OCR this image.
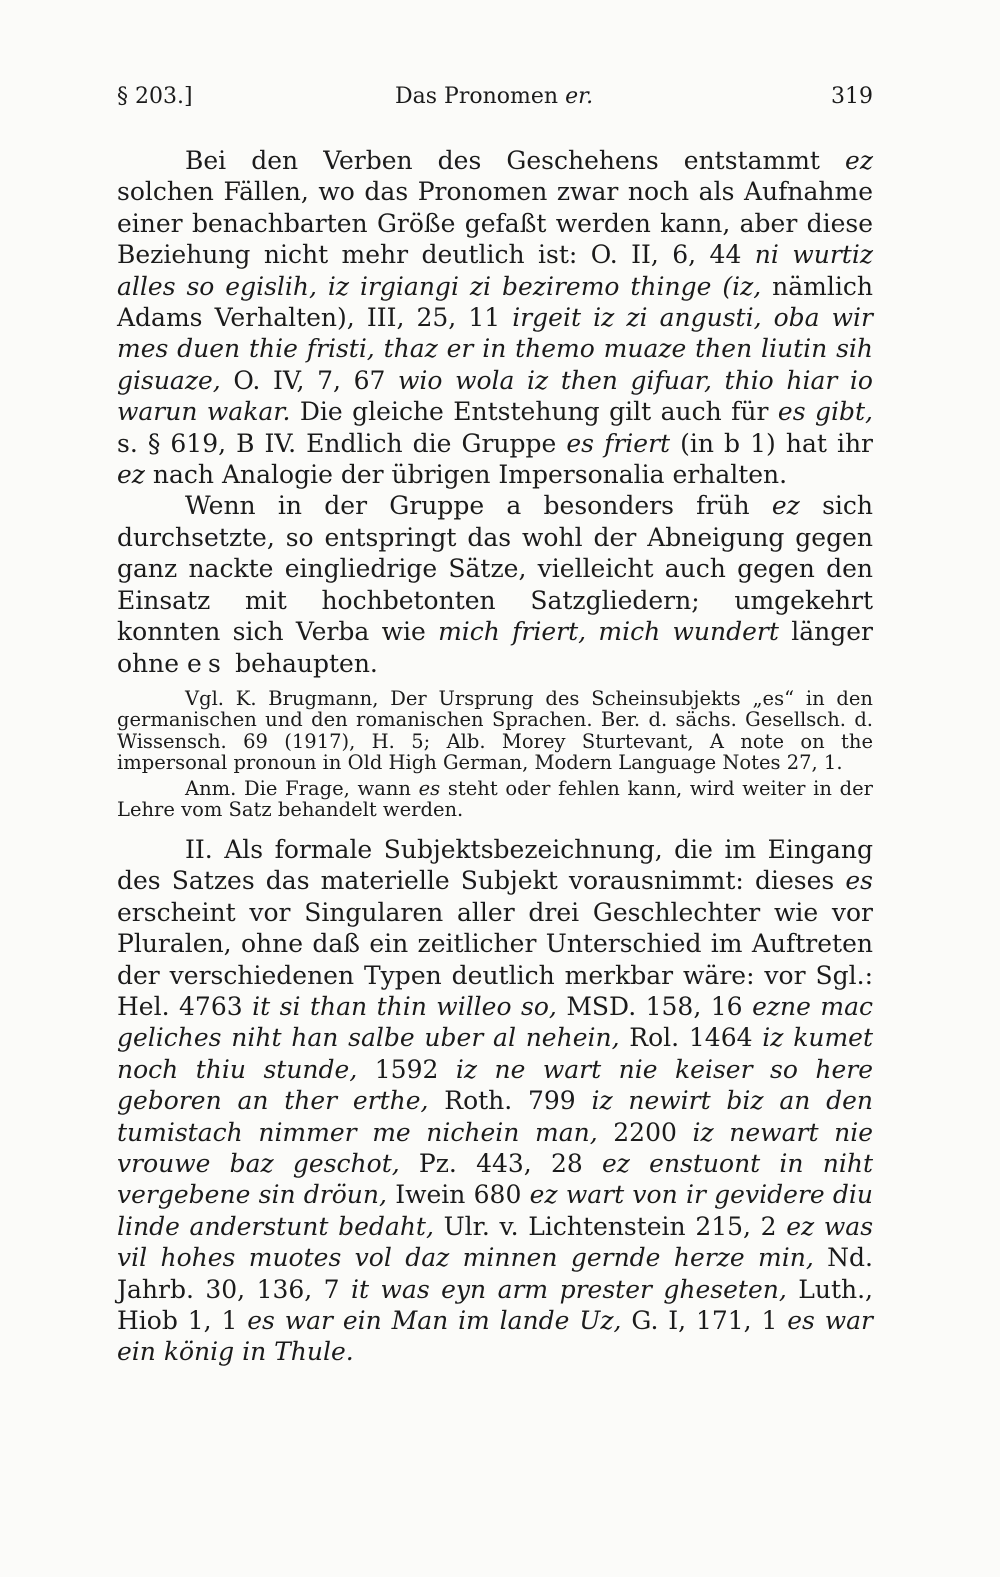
§ 203.]	Das Pronomen er.	319

Bei den Verben des Geschehens entstammt ez solchen Fällen, wo das Pronomen zwar noch als Aufnahme einer benachbarten Größe gefaßt werden kann, aber diese Beziehung nicht mehr deutlich ist: O. II, 6, 44 ni wurtiz alles so egislih, iz irgiangi zi beziremo thinge (iz, nämlich Adams Verhalten), III, 25, 11 irgeit iz zi angusti, oba wir mes duen thie fristi, thaz er in themo muaze then liutin sih gisuaze, O. IV, 7, 67 wio wola iz then gifuar, thio hiar io warun wakar. Die gleiche Entstehung gilt auch für es gibt, s. § 619, B IV. Endlich die Gruppe es friert (in b 1) hat ihr ez nach Analogie der übrigen Impersonalia erhalten.

Wenn in der Gruppe a besonders früh ez sich durchsetzte, so entspringt das wohl der Abneigung gegen ganz nackte eingliedrige Sätze, vielleicht auch gegen den Einsatz mit hochbetonten Satzgliedern; umgekehrt konnten sich Verba wie mich friert, mich wundert länger ohne es behaupten.

Vgl. K. Brugmann, Der Ursprung des Scheinsubjekts „es“ in den germanischen und den romanischen Sprachen. Ber. d. sächs. Gesellsch. d. Wissensch. 69 (1917), H. 5; Alb. Morey Sturtevant, A note on the impersonal pronoun in Old High German, Modern Language Notes 27, 1.

Anm. Die Frage, wann es steht oder fehlen kann, wird weiter in der Lehre vom Satz behandelt werden.

II. Als formale Subjektsbezeichnung, die im Eingang des Satzes das materielle Subjekt vorausnimmt: dieses es erscheint vor Singularen aller drei Geschlechter wie vor Pluralen, ohne daß ein zeitlicher Unterschied im Auftreten der verschiedenen Typen deutlich merkbar wäre: vor Sgl.: Hel. 4763 it si than thin willeo so, MSD. 158, 16 ezne mac geliches niht han salbe uber al nehein, Rol. 1464 iz kumet noch thiu stunde, 1592 iz ne wart nie keiser so here geboren an ther erthe, Roth. 799 iz newirt biz an den tumistach nimmer me nichein man, 2200 iz newart nie vrouwe baz geschot, Pz. 443, 28 ez enstuont in niht vergebene sin dröun, Iwein 680 ez wart von ir gevidere diu linde anderstunt bedaht, Ulr. v. Lichtenstein 215, 2 ez was vil hohes muotes vol daz minnen gernde herze min, Nd. Jahrb. 30, 136, 7 it was eyn arm prester gheseten, Luth., Hiob 1, 1 es war ein Man im lande Uz, G. I, 171, 1 es war ein könig in Thule.
